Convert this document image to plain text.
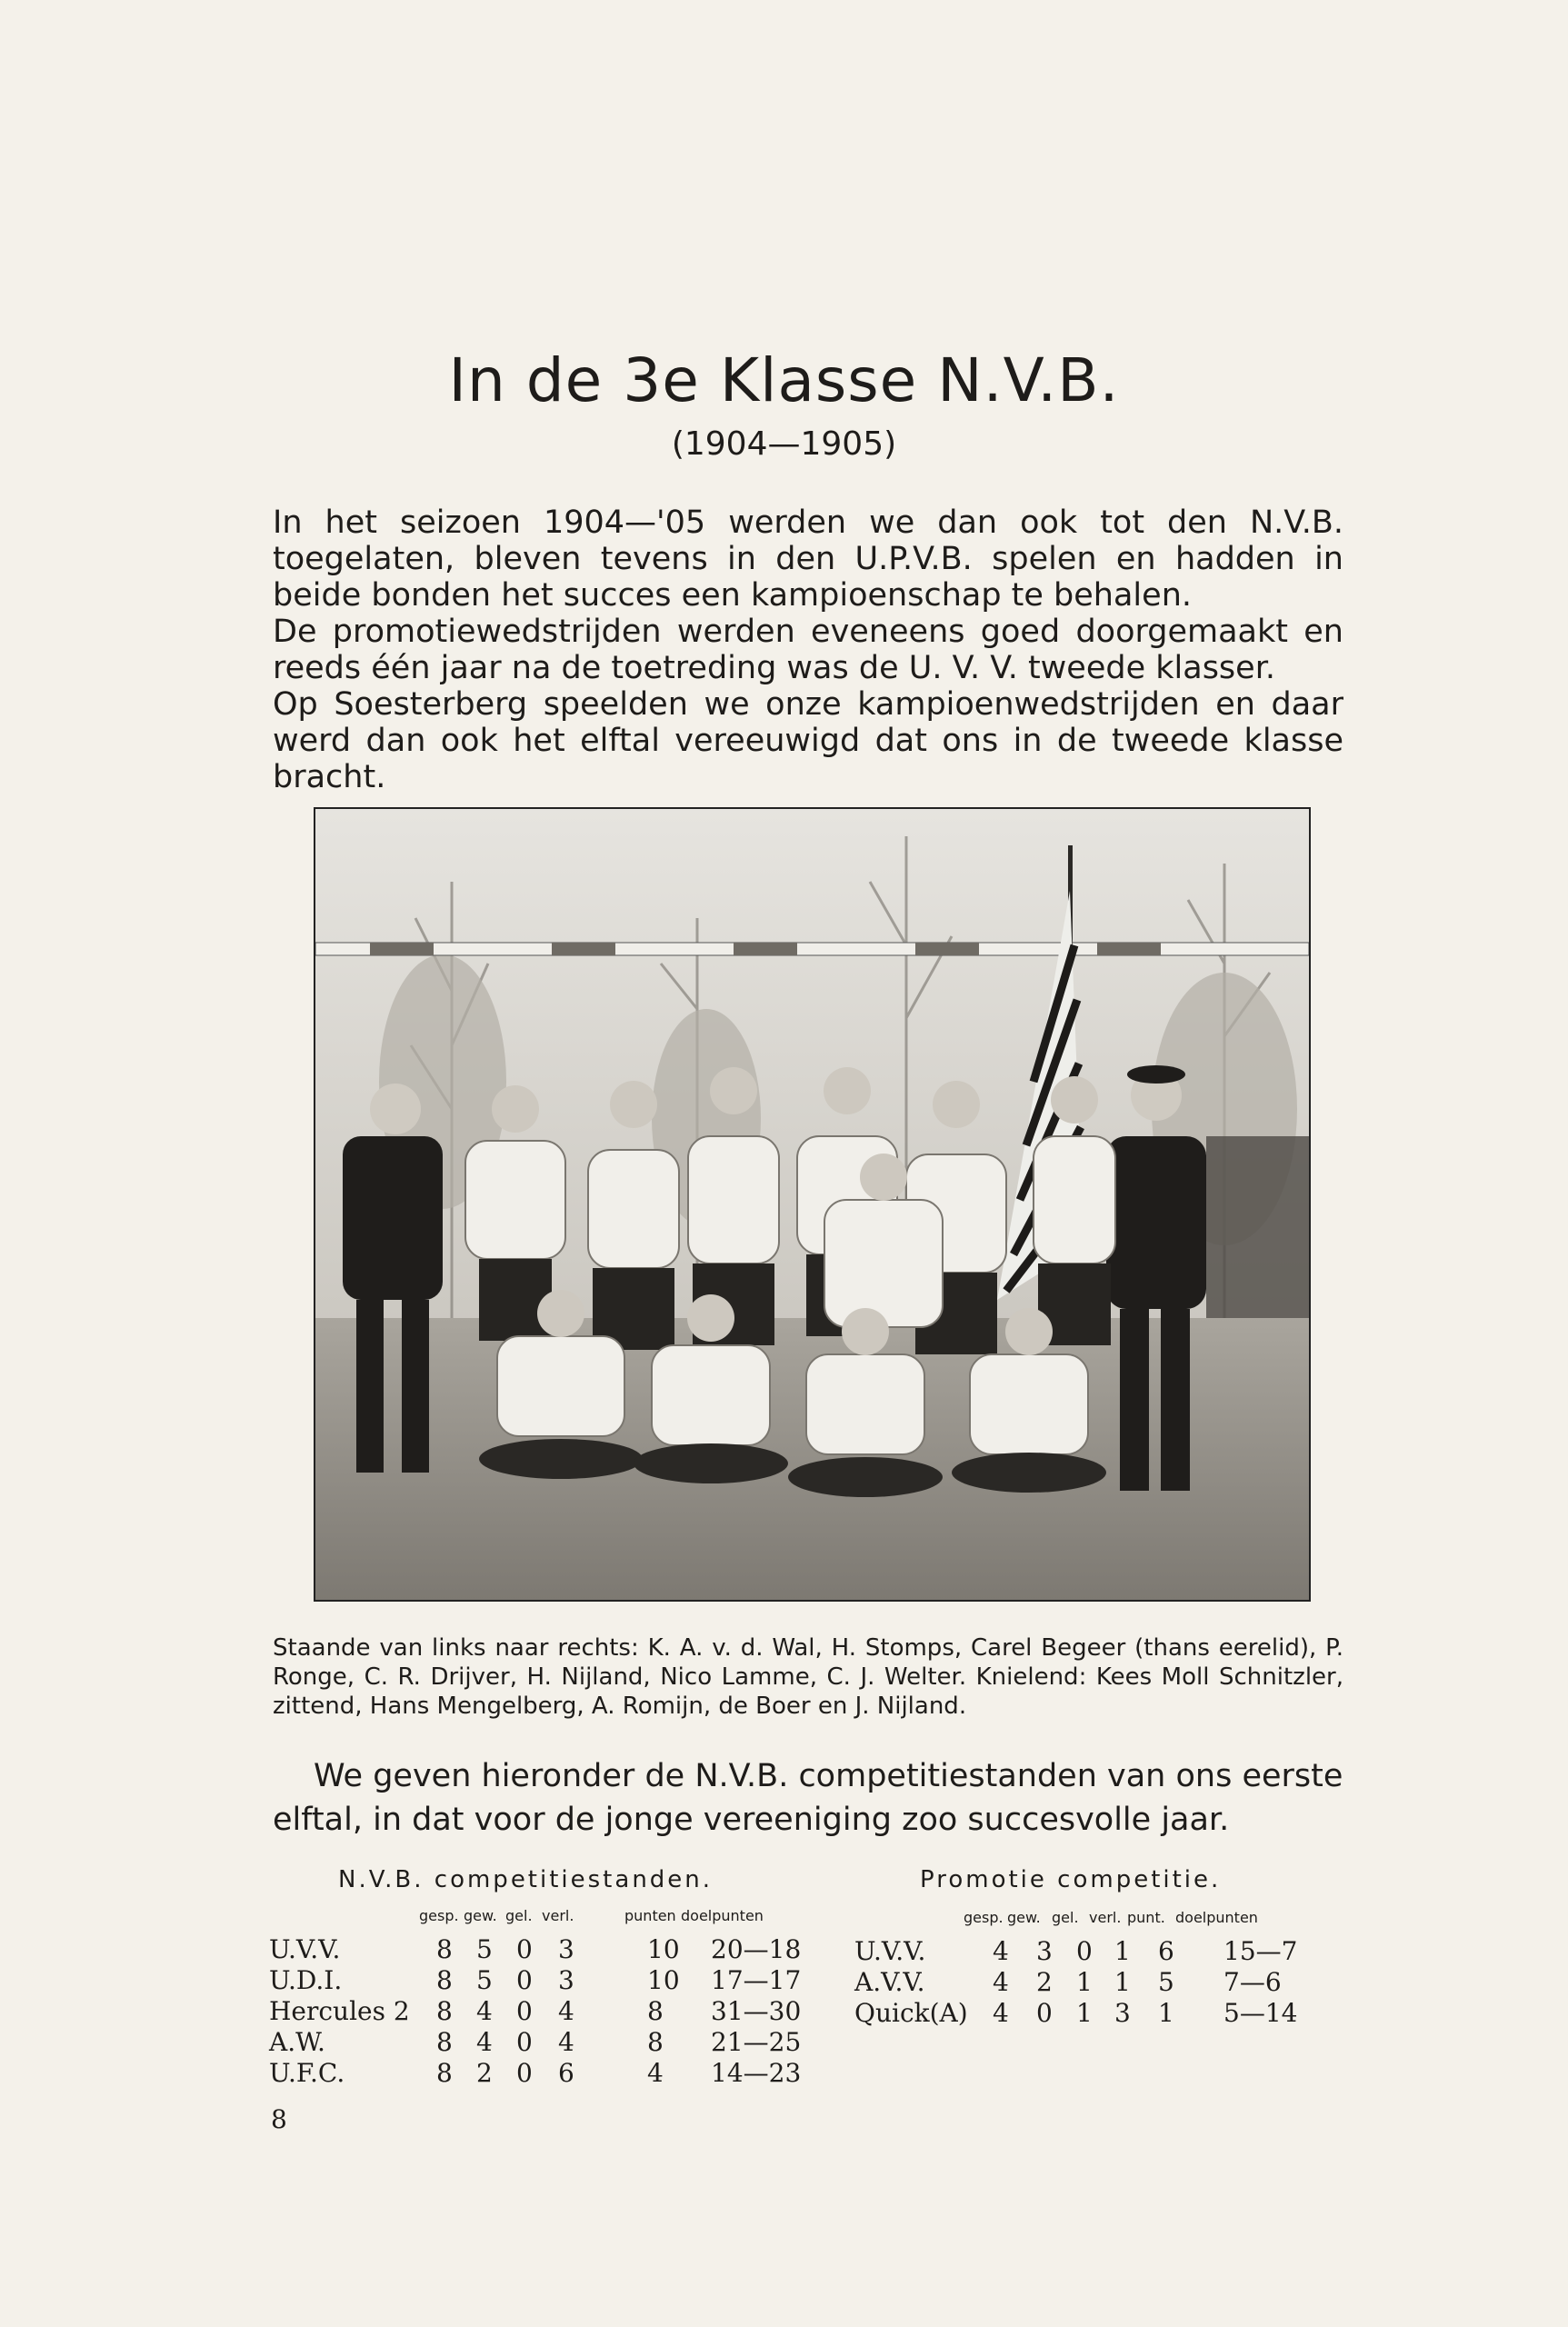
In de 3e Klasse N.V.B.
(1904—1905)

In het seizoen 1904—'05 werden we dan ook tot den N.V.B. toegelaten, bleven tevens in den U.P.V.B. spelen en hadden in beide bonden het succes een kampioenschap te behalen.

De promotiewedstrijden werden eveneens goed doorgemaakt en reeds één jaar na de toetreding was de U. V. V. tweede klasser.

Op Soesterberg speelden we onze kampioenwedstrijden en daar werd dan ook het elftal vereeuwigd dat ons in de tweede klasse bracht.

Staande van links naar rechts: K. A. v. d. Wal, H. Stomps, Carel Begeer (thans eerelid), P. Ronge, C. R. Drijver, H. Nijland, Nico Lamme, C. J. Welter. Knielend: Kees Moll Schnitzler, zittend, Hans Mengelberg, A. Romijn, de Boer en J. Nijland.
We geven hieronder de N.V.B. competitiestanden van ons eerste
elftal, in dat voor de jonge vereeniging zoo succesvolle jaar.
N.V.B. competitiestanden.
gesp. gew. gel. verl.	punten doelpunten
U.V.V.	8 5 0 3	10 20—18
U.D.I.	8 5 0 3	10 17—17
Hercules 2 8 4 0 4	8 31—30
A.W.	8 4 0 4	8 21—25
U.F.C.	8 2 0 6	4 14—23
Promotie competitie.
gesp. gew. gel. verl. punt. doelpunten
U.V.V.	4 3 0 1 6 15—7
A.V.V.	4 2 1 1 5 7—6
Quick(A) 4 0 1 3 1 5—14
8
